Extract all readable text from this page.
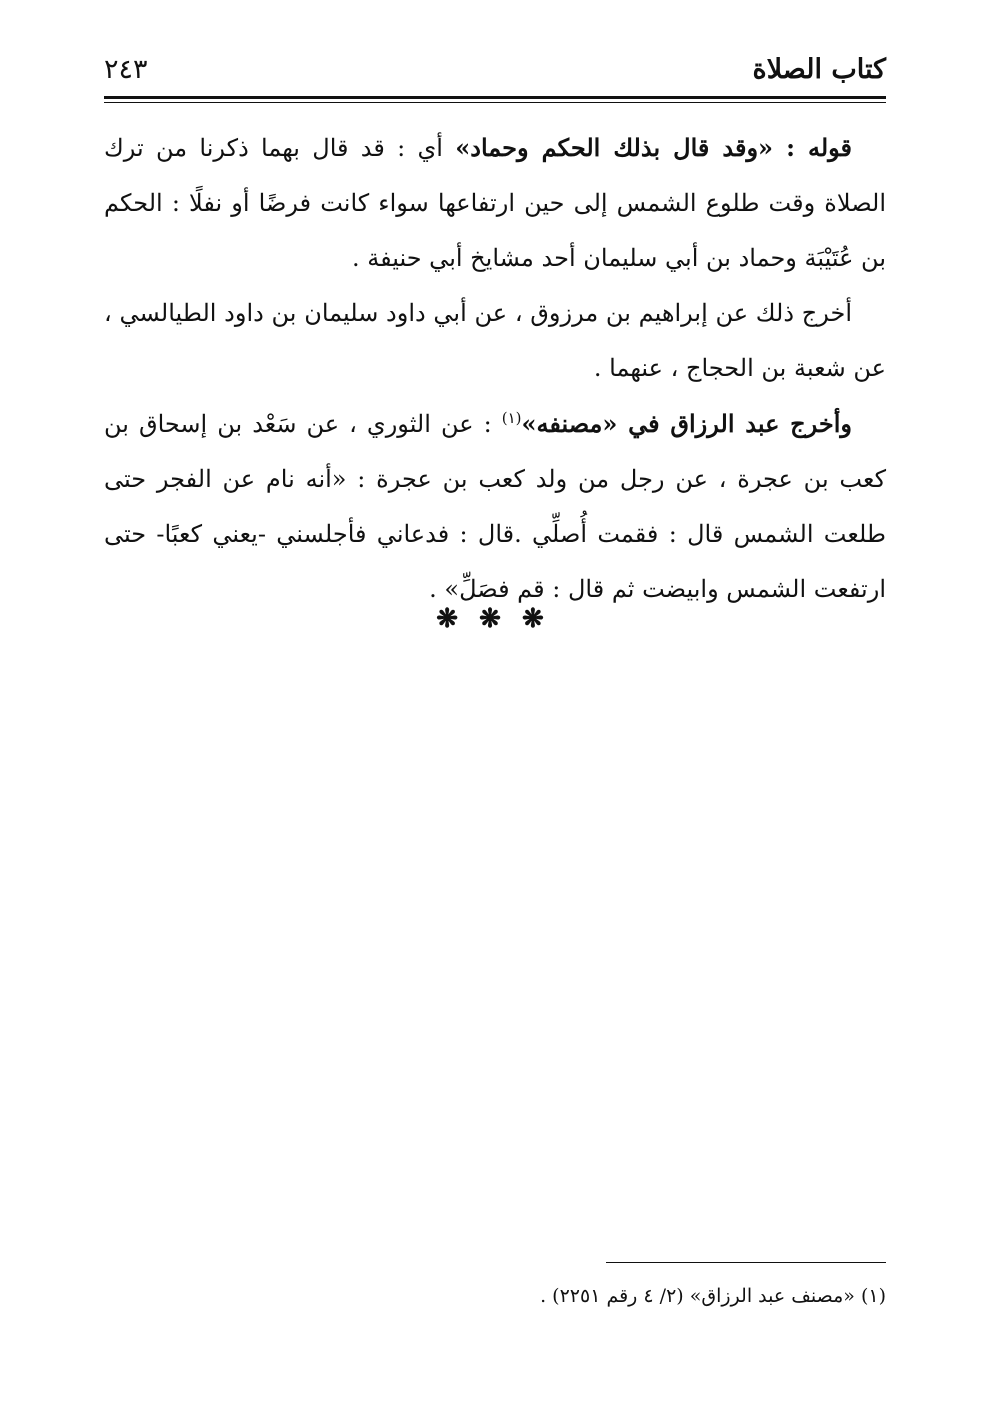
كتاب الصلاة
٢٤٣

قوله : «وقد قال بذلك الحكم وحماد» أي : قد قال بهما ذكرنا من ترك الصلاة وقت طلوع الشمس إلى حين ارتفاعها سواء كانت فرضًا أو نفلًا : الحكم بن عُتَيْبَة وحماد بن أبي سليمان أحد مشايخ أبي حنيفة .

أخرج ذلك عن إبراهيم بن مرزوق ، عن أبي داود سليمان بن داود الطيالسي ، عن شعبة بن الحجاج ، عنهما .

وأخرج عبد الرزاق في «مصنفه»$^{(١)}$ : عن الثوري ، عن سَعْد بن إسحاق بن كعب بن عجرة ، عن رجل من ولد كعب بن عجرة : «أنه نام عن الفجر حتى طلعت الشمس قال : فقمت أُصلِّي .قال : فدعاني فأجلسني -يعني كعبًا- حتى ارتفعت الشمس وابيضت ثم قال : قم فصَلِّ» .

❋ ❋ ❋
(١) «مصنف عبد الرزاق» (٢/ ٤ رقم ٢٢٥١) .
